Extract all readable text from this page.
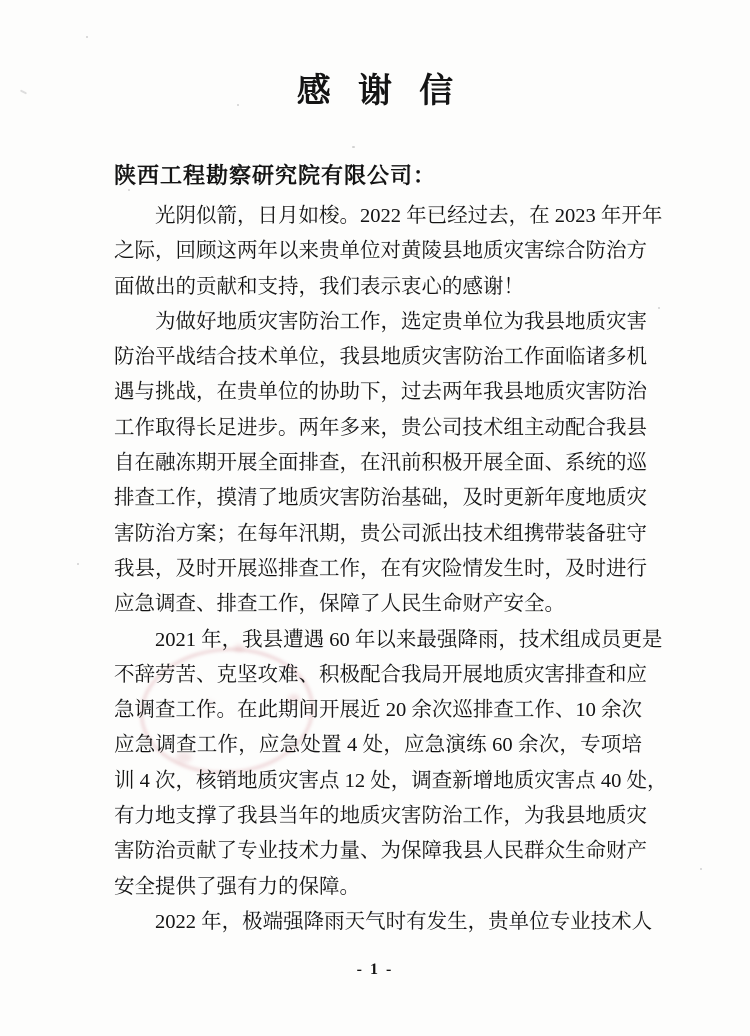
感谢信
陕西工程勘察研究院有限公司：
　　光阴似箭，日月如梭。2022 年已经过去，在 2023 年开年
之际，回顾这两年以来贵单位对黄陵县地质灾害综合防治方
面做出的贡献和支持，我们表示衷心的感谢！
　　为做好地质灾害防治工作，选定贵单位为我县地质灾害
防治平战结合技术单位，我县地质灾害防治工作面临诸多机
遇与挑战，在贵单位的协助下，过去两年我县地质灾害防治
工作取得长足进步。两年多来，贵公司技术组主动配合我县
自在融冻期开展全面排查，在汛前积极开展全面、系统的巡
排查工作，摸清了地质灾害防治基础，及时更新年度地质灾
害防治方案；在每年汛期，贵公司派出技术组携带装备驻守
我县，及时开展巡排查工作，在有灾险情发生时，及时进行
应急调查、排查工作，保障了人民生命财产安全。
　　2021 年，我县遭遇 60 年以来最强降雨，技术组成员更是
不辞劳苦、克坚攻难、积极配合我局开展地质灾害排查和应
急调查工作。在此期间开展近 20 余次巡排查工作、10 余次
应急调查工作，应急处置 4 处，应急演练 60 余次，专项培
训 4 次，核销地质灾害点 12 处，调查新增地质灾害点 40 处，
有力地支撑了我县当年的地质灾害防治工作，为我县地质灾
害防治贡献了专业技术力量、为保障我县人民群众生命财产
安全提供了强有力的保障。
　　2022 年，极端强降雨天气时有发生，贵单位专业技术人
- 1 -
